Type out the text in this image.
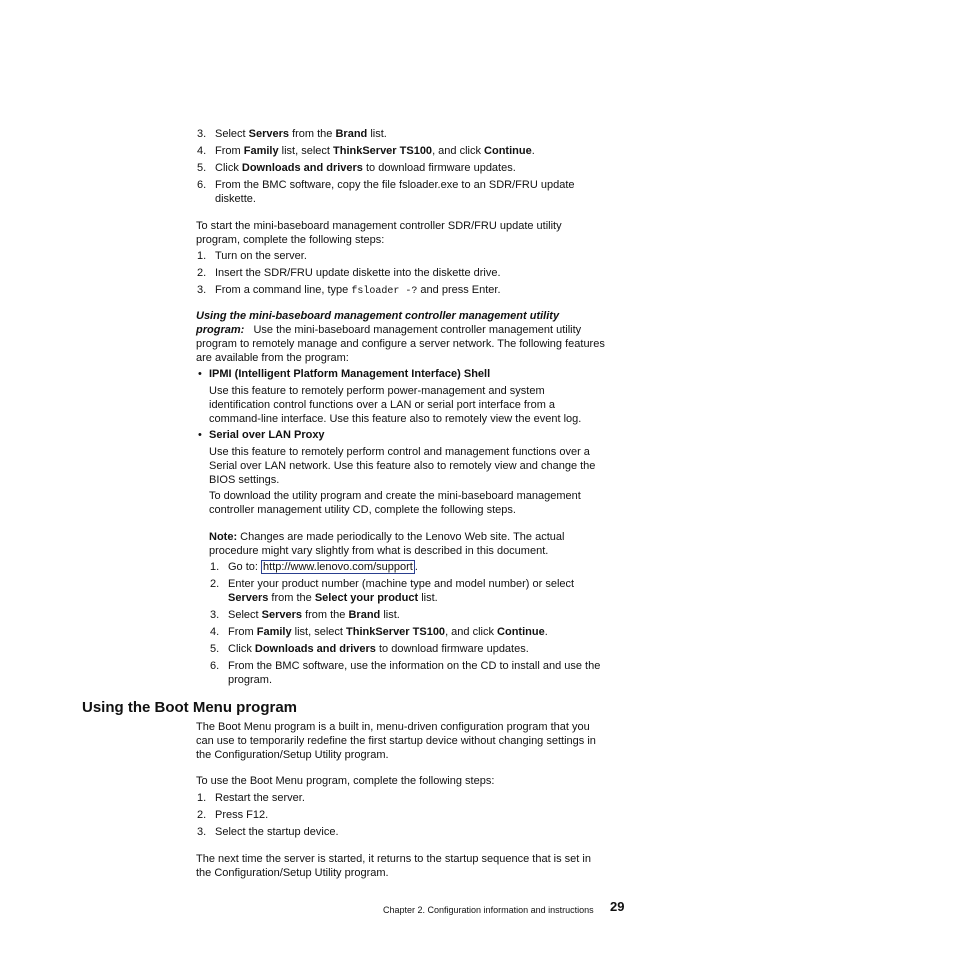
3. Select Servers from the Brand list.
4. From Family list, select ThinkServer TS100, and click Continue.
5. Click Downloads and drivers to download firmware updates.
6. From the BMC software, copy the file fsloader.exe to an SDR/FRU update
diskette.
To start the mini-baseboard management controller SDR/FRU update utility
program, complete the following steps:
1. Turn on the server.
2. Insert the SDR/FRU update diskette into the diskette drive.
3. From a command line, type fsloader -? and press Enter.
Using the mini-baseboard management controller management utility
program: Use the mini-baseboard management controller management utility
program to remotely manage and configure a server network. The following features
are available from the program:
• IPMI (Intelligent Platform Management Interface) Shell
Use this feature to remotely perform power-management and system
identification control functions over a LAN or serial port interface from a
command-line interface. Use this feature also to remotely view the event log.
• Serial over LAN Proxy
Use this feature to remotely perform control and management functions over a
Serial over LAN network. Use this feature also to remotely view and change the
BIOS settings.
To download the utility program and create the mini-baseboard management
controller management utility CD, complete the following steps.
Note: Changes are made periodically to the Lenovo Web site. The actual
procedure might vary slightly from what is described in this document.
1. Go to: http://www.lenovo.com/support .
2. Enter your product number (machine type and model number) or select
Servers from the Select your product list.
3. Select Servers from the Brand list.
4. From Family list, select ThinkServer TS100, and click Continue.
5. Click Downloads and drivers to download firmware updates.
6. From the BMC software, use the information on the CD to install and use the
program.
Using the Boot Menu program
The Boot Menu program is a built in, menu-driven configuration program that you
can use to temporarily redefine the first startup device without changing settings in
the Configuration/Setup Utility program.
To use the Boot Menu program, complete the following steps:
1. Restart the server.
2. Press F12.
3. Select the startup device.
The next time the server is started, it returns to the startup sequence that is set in
the Configuration/Setup Utility program.
Chapter 2. Configuration information and instructions 29
